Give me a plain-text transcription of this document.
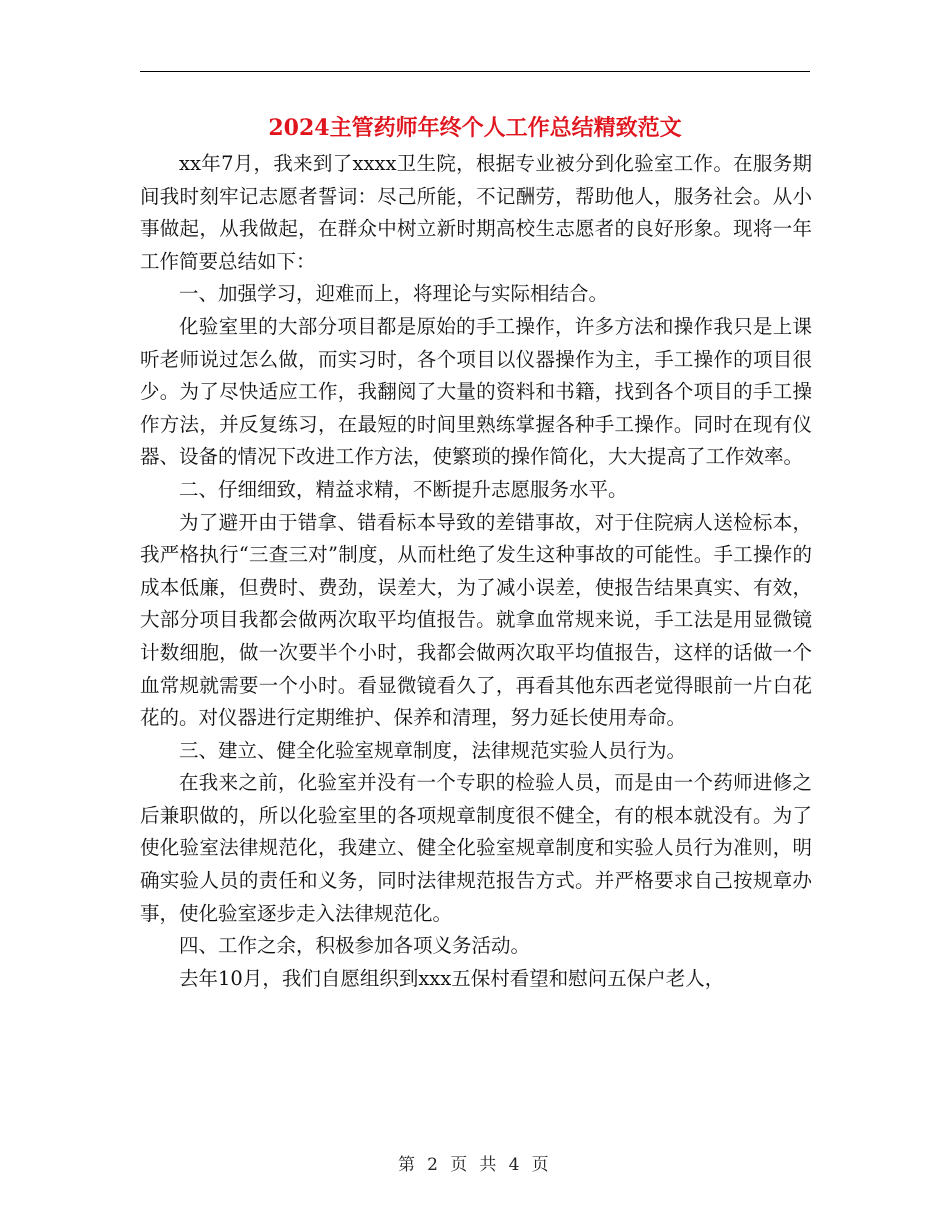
2024主管药师年终个人工作总结精致范文

xx年7月，我来到了xxxx卫生院，根据专业被分到化验室工作。在服务期间我时刻牢记志愿者誓词：尽己所能，不记酬劳，帮助他人，服务社会。从小事做起，从我做起，在群众中树立新时期高校生志愿者的良好形象。现将一年工作简要总结如下：

一、加强学习，迎难而上，将理论与实际相结合。

化验室里的大部分项目都是原始的手工操作，许多方法和操作我只是上课听老师说过怎么做，而实习时，各个项目以仪器操作为主，手工操作的项目很少。为了尽快适应工作，我翻阅了大量的资料和书籍，找到各个项目的手工操作方法，并反复练习，在最短的时间里熟练掌握各种手工操作。同时在现有仪器、设备的情况下改进工作方法，使繁琐的操作简化，大大提高了工作效率。

二、仔细细致，精益求精，不断提升志愿服务水平。

为了避开由于错拿、错看标本导致的差错事故，对于住院病人送检标本，我严格执行“三查三对”制度，从而杜绝了发生这种事故的可能性。手工操作的成本低廉，但费时、费劲，误差大，为了减小误差，使报告结果真实、有效，大部分项目我都会做两次取平均值报告。就拿血常规来说，手工法是用显微镜计数细胞，做一次要半个小时，我都会做两次取平均值报告，这样的话做一个血常规就需要一个小时。看显微镜看久了，再看其他东西老觉得眼前一片白花花的。对仪器进行定期维护、保养和清理，努力延长使用寿命。

三、建立、健全化验室规章制度，法律规范实验人员行为。

在我来之前，化验室并没有一个专职的检验人员，而是由一个药师进修之后兼职做的，所以化验室里的各项规章制度很不健全，有的根本就没有。为了使化验室法律规范化，我建立、健全化验室规章制度和实验人员行为准则，明确实验人员的责任和义务，同时法律规范报告方式。并严格要求自己按规章办事，使化验室逐步走入法律规范化。

四、工作之余，积极参加各项义务活动。

去年10月，我们自愿组织到xxx五保村看望和慰问五保户老人，

第 2 页 共 4 页
